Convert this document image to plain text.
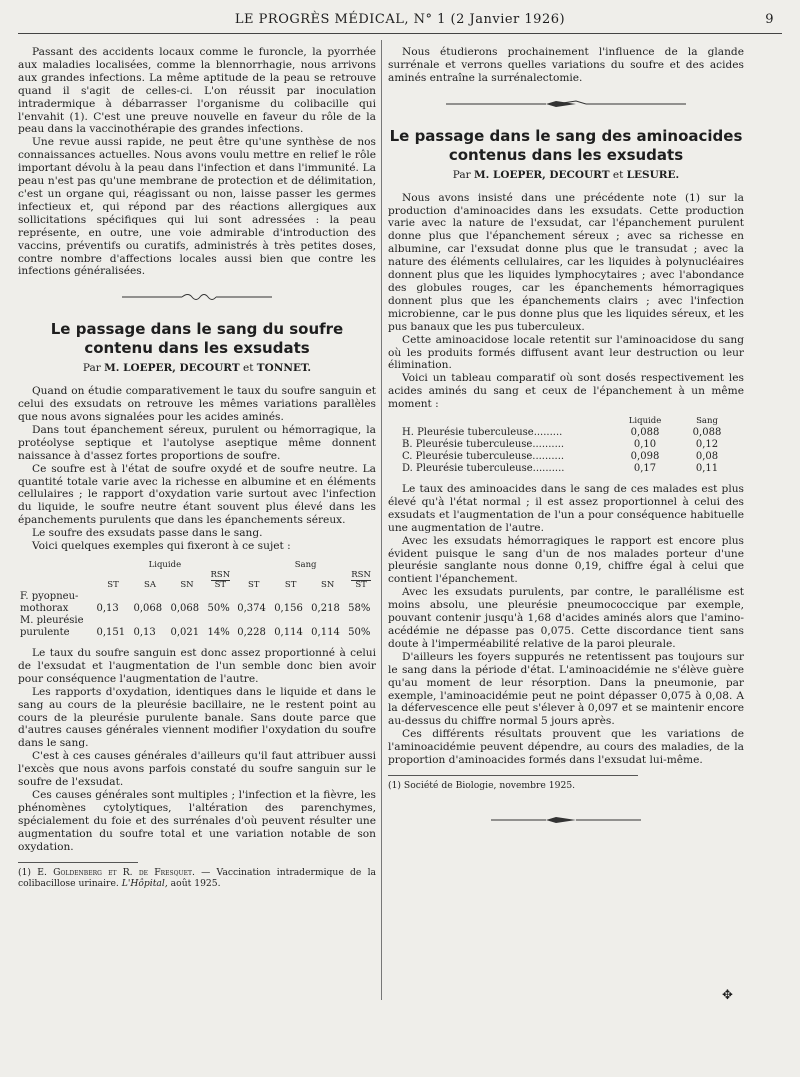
LE PROGRÈS MÉDICAL, N° 1 (2 Janvier 1926)	9

Passant des accidents locaux comme le furoncle, la pyorrhée aux maladies localisées, comme la blennorrhagie, nous arrivons aux grandes infections. La même aptitude de la peau se retrouve quand il s'agit de celles-ci. L'on réussit par inoculation intradermique à débarrasser l'organisme du colibacille qui l'envahit (1). C'est une preuve nouvelle en faveur du rôle de la peau dans la vaccinothérapie des grandes infections.

Une revue aussi rapide, ne peut être qu'une synthèse de nos connaissances actuelles. Nous avons voulu mettre en relief le rôle important dévolu à la peau dans l'infection et dans l'immunité. La peau n'est pas qu'une membrane de protection et de délimitation, c'est un organe qui, réagissant ou non, laisse passer les germes infectieux et, qui répond par des réactions allergiques aux sollicitations spécifiques qui lui sont adressées : la peau représente, en outre, une voie admirable d'introduction des vaccins, préventifs ou curatifs, administrés à très petites doses, contre nombre d'affections locales aussi bien que contre les infections généralisées.

Le passage dans le sang du soufre
contenu dans les exsudats
Par M. LOEPER, DECOURT et TONNET.

Quand on étudie comparativement le taux du soufre sanguin et celui des exsudats on retrouve les mêmes variations parallèles que nous avons signalées pour les acides aminés.

Dans tout épanchement séreux, purulent ou hémorragique, la protéolyse septique et l'autolyse aseptique même donnent naissance à d'assez fortes proportions de soufre.

Ce soufre est à l'état de soufre oxydé et de soufre neutre. La quantité totale varie avec la richesse en albumine et en éléments cellulaires ; le rapport d'oxydation varie surtout avec l'infection du liquide, le soufre neutre étant souvent plus élevé dans les épanchements purulents que dans les épanchements séreux.

Le soufre des exsudats passe dans le sang.

Voici quelques exemples qui fixeront à ce sujet :

	Liquide				Sang			
	ST	SA	SN	$\frac{\text{RSN}}{ST}$	ST	ST	SN	$\frac{\text{RSN}}{ST}$

F. pyopneu-
mothorax	0,13	0,068	0,068	50%	0,374	0,156	0,218	58%
M. pleurésie
purulente	0,151	0,13	0,021	14%	0,228	0,114	0,114	50%

Le taux du soufre sanguin est donc assez proportionné à celui de l'exsudat et l'augmentation de l'un semble donc bien avoir pour conséquence l'augmentation de l'autre.

Les rapports d'oxydation, identiques dans le liquide et dans le sang au cours de la pleurésie bacillaire, ne le restent point au cours de la pleurésie purulente banale. Sans doute parce que d'autres causes générales viennent modifier l'oxydation du soufre dans le sang.

C'est à ces causes générales d'ailleurs qu'il faut attribuer aussi l'excès que nous avons parfois constaté du soufre sanguin sur le soufre de l'exsudat.

Ces causes générales sont multiples ; l'infection et la fièvre, les phénomènes cytolytiques, l'altération des parenchymes, spécialement du foie et des surrénales d'où peuvent résulter une augmentation du soufre total et une variation notable de son oxydation.

(1) E. Goldenberg et R. de Fresquet. — Vaccination intradermique de la colibacillose urinaire. L'Hôpital, août 1925.

Nous étudierons prochainement l'influence de la glande surrénale et verrons quelles variations du soufre et des acides aminés entraîne la surrénalectomie.

Le passage dans le sang des aminoacides
contenus dans les exsudats
Par M. LOEPER, DECOURT et LESURE.

Nous avons insisté dans une précédente note (1) sur la production d'aminoacides dans les exsudats. Cette production varie avec la nature de l'exsudat, car l'épanchement purulent donne plus que l'épanchement séreux ; avec sa richesse en albumine, car l'exsudat donne plus que le transudat ; avec la nature des éléments cellulaires, car les liquides à polynucléaires donnent plus que les liquides lymphocytaires ; avec l'abondance des globules rouges, car les épanchements hémorragiques donnent plus que les épanchements clairs ; avec l'infection microbienne, car le pus donne plus que les liquides séreux, et les pus banaux que les pus tuberculeux.

Cette aminoacidose locale retentit sur l'aminoacidose du sang où les produits formés diffusent avant leur destruction ou leur élimination.

Voici un tableau comparatif où sont dosés respectivement les acides aminés du sang et ceux de l'épanchement à un même moment :

	Liquide	Sang
H. Pleurésie tuberculeuse.........	0,088	0,088
B. Pleurésie tuberculeuse..........	0,10	0,12
C. Pleurésie tuberculeuse..........	0,098	0,08
D. Pleurésie tuberculeuse..........	0,17	0,11

Le taux des aminoacides dans le sang de ces malades est plus élevé qu'à l'état normal ; il est assez proportionnel à celui des exsudats et l'augmentation de l'un a pour conséquence habituelle une augmentation de l'autre.

Avec les exsudats hémorragiques le rapport est encore plus évident puisque le sang d'un de nos malades porteur d'une pleurésie sanglante nous donne 0,19, chiffre égal à celui que contient l'épanchement.

Avec les exsudats purulents, par contre, le parallélisme est moins absolu, une pleurésie pneumococcique par exemple, pouvant contenir jusqu'à 1,68 d'acides aminés alors que l'amino-acédémie ne dépasse pas 0,075. Cette discordance tient sans doute à l'imperméabilité relative de la paroi pleurale.

D'ailleurs les foyers suppurés ne retentissent pas toujours sur le sang dans la période d'état. L'aminoacidémie ne s'élève guère qu'au moment de leur résorption. Dans la pneumonie, par exemple, l'aminoacidémie peut ne point dépasser 0,075 à 0,08. A la défervescence elle peut s'élever à 0,097 et se maintenir encore au-dessus du chiffre normal 5 jours après.

Ces différents résultats prouvent que les variations de l'aminoacidémie peuvent dépendre, au cours des maladies, de la proportion d'aminoacides formés dans l'exsudat lui-même.

(1) Société de Biologie, novembre 1925.

✥
